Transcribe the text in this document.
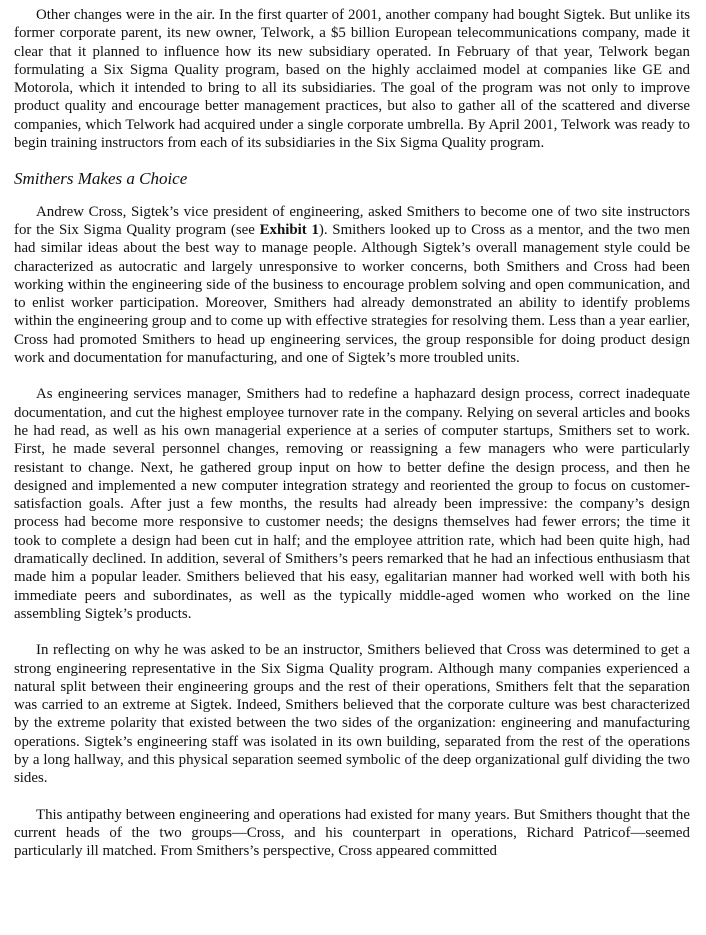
Other changes were in the air. In the first quarter of 2001, another company had bought Sigtek. But unlike its former corporate parent, its new owner, Telwork, a $5 billion European telecommunications company, made it clear that it planned to influence how its new subsidiary operated. In February of that year, Telwork began formulating a Six Sigma Quality program, based on the highly acclaimed model at companies like GE and Motorola, which it intended to bring to all its subsidiaries. The goal of the program was not only to improve product quality and encourage better management practices, but also to gather all of the scattered and diverse companies, which Telwork had acquired under a single corporate umbrella. By April 2001, Telwork was ready to begin training instructors from each of its subsidiaries in the Six Sigma Quality program.

Smithers Makes a Choice

Andrew Cross, Sigtek’s vice president of engineering, asked Smithers to become one of two site instructors for the Six Sigma Quality program (see Exhibit 1). Smithers looked up to Cross as a mentor, and the two men had similar ideas about the best way to manage people. Although Sigtek’s overall management style could be characterized as autocratic and largely unresponsive to worker concerns, both Smithers and Cross had been working within the engineering side of the business to encourage problem solving and open communication, and to enlist worker participation. Moreover, Smithers had already demonstrated an ability to identify problems within the engineering group and to come up with effective strategies for resolving them. Less than a year earlier, Cross had promoted Smithers to head up engineering services, the group responsible for doing product design work and documentation for manufacturing, and one of Sigtek’s more troubled units.

As engineering services manager, Smithers had to redefine a haphazard design process, correct inadequate documentation, and cut the highest employee turnover rate in the company. Relying on several articles and books he had read, as well as his own managerial experience at a series of computer startups, Smithers set to work. First, he made several personnel changes, removing or reassigning a few managers who were particularly resistant to change. Next, he gathered group input on how to better define the design process, and then he designed and implemented a new computer integration strategy and reoriented the group to focus on customer-satisfaction goals. After just a few months, the results had already been impressive: the company’s design process had become more responsive to customer needs; the designs themselves had fewer errors; the time it took to complete a design had been cut in half; and the employee attrition rate, which had been quite high, had dramatically declined. In addition, several of Smithers’s peers remarked that he had an infectious enthusiasm that made him a popular leader. Smithers believed that his easy, egalitarian manner had worked well with both his immediate peers and subordinates, as well as the typically middle-aged women who worked on the line assembling Sigtek’s products.

In reflecting on why he was asked to be an instructor, Smithers believed that Cross was determined to get a strong engineering representative in the Six Sigma Quality program. Although many companies experienced a natural split between their engineering groups and the rest of their operations, Smithers felt that the separation was carried to an extreme at Sigtek. Indeed, Smithers believed that the corporate culture was best characterized by the extreme polarity that existed between the two sides of the organization: engineering and manufacturing operations. Sigtek’s engineering staff was isolated in its own building, separated from the rest of the operations by a long hallway, and this physical separation seemed symbolic of the deep organizational gulf dividing the two sides.

This antipathy between engineering and operations had existed for many years. But Smithers thought that the current heads of the two groups—Cross, and his counterpart in operations, Richard Patricof—seemed particularly ill matched. From Smithers’s perspective, Cross appeared committed
